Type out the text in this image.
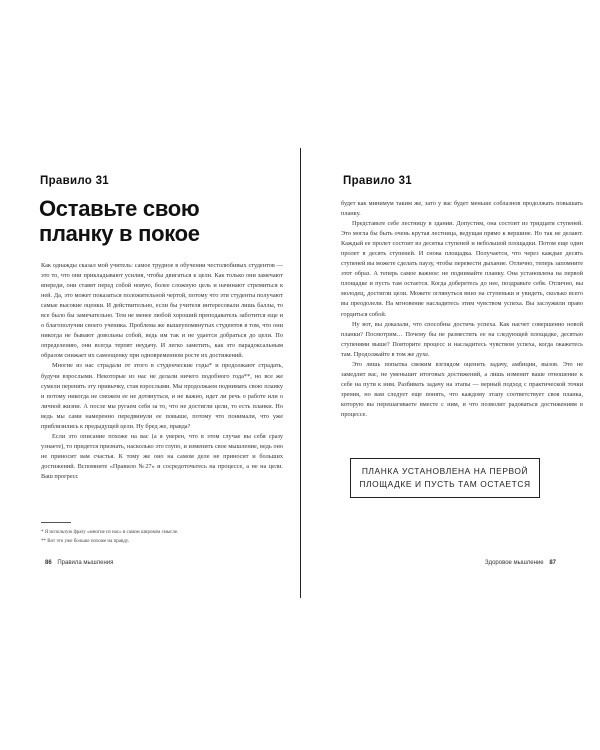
Правило 31
Оставьте свою планку в покое

Как однажды сказал мой учитель: самое трудное в обучении честолюбивых студентов — это то, что они прикладывают усилия, чтобы двигаться к цели. Как только они замечают впереди, они ставят перед собой новую, более сложную цель и начинают стремиться к ней. Да, это может показаться положительной чертой, потому что эти студенты получают самые высокие оценки. И действительно, если бы учителя интересовали лишь баллы, то все было бы замечательно. Тем не менее любой хороший преподаватель заботится еще и о благополучии своего ученика. Проблема же вышеупомянутых студентов в том, что они никогда не бывают довольны собой, ведь им так и не удается добраться до цели. По определению, они всегда терпят неудачу. И легко заметить, как это парадоксальным образом снижает их самооценку при одновременном росте их достижений.

Многие из нас страдали от этого в студенческие годы* и продолжают страдать, будучи взрослыми. Некоторые из нас не делали ничего подобного года**, но все же сумели перенять эту привычку, став взрослыми. Мы продолжаем поднимать свою планку и потому никогда не сможем ее не дотянуться, и не важно, идет ли речь о работе или о личной жизни. А после мы ругаем себя за то, что не достигли цели, то есть планки. Но ведь мы сами намеренно передвинули ее повыше, потому что понимали, что уже приблизились к предыдущей цели. Ну бред же, правда?

Если это описание похоже на вас (а я уверен, что в этом случае вы себя сразу узнаете), то придется признать, насколько это глупо, и изменить свое мышление, ведь оно не приносит вам счастья. К тому же оно на самом деле не приносит и больших достижений. Вспомните «Правило №27» и сосредоточьтесь на процессе, а не на цели. Ваш прогресс

* Я использую фразу «многие из нас» в самом широком смысле.
** Вот это уже больше похоже на правду.
86 Правила мышления
Правило 31

будет как минимум таким же, зато у вас будет меньше соблазнов продолжать повышать планку.

Представьте себе лестницу в здании. Допустим, она состоит из тридцати ступеней. Это могла бы быть очень крутая лестница, ведущая прямо к вершине. Но так не делают. Каждый ее пролет состоит из десятка ступеней и небольшой площадки. Потом еще один пролет в десять ступеней. И снова площадка. Получается, что через каждые десять ступеней вы можете сделать паузу, чтобы перевести дыхание. Отлично, теперь запомните этот образ. А теперь самое важное: не поднимайте планку. Она установлена на первой площадке и пусть там остается. Когда доберетесь до нее, поздравьте себя. Отлично, вы молодец, достигли цели. Можете оглянуться вниз на ступеньки и увидеть, сколько всего вы преодолели. На мгновение насладитесь этим чувством успеха. Вы заслужили право гордиться собой.

Ну вот, вы доказали, что способны достичь успеха. Как насчет совершенно новой планки? Посмотрим… Почему бы не разместить ее на следующей площадке, десятью ступенями выше? Повторите процесс и насладитесь чувством успеха, когда окажетесь там. Продолжайте в том же духе.

Это лишь попытка свежим взглядом оценить задачу, амбиции, вызов. Это не замедлит вас, не уменьшит итоговых достижений, а лишь изменит ваше отношение к себе на пути к ним. Разбивать задачу на этапы — верный подход с практической точки зрения, но вам следует еще понять, что каждому этапу соответствует своя планка, которую вы перешагиваете вместе с ним, и что позволит радоваться достижениям в процессе.

ПЛАНКА УСТАНОВЛЕНА НА ПЕРВОЙ ПЛОЩАДКЕ И ПУСТЬ ТАМ ОСТАЕТСЯ
Здоровое мышление 87
